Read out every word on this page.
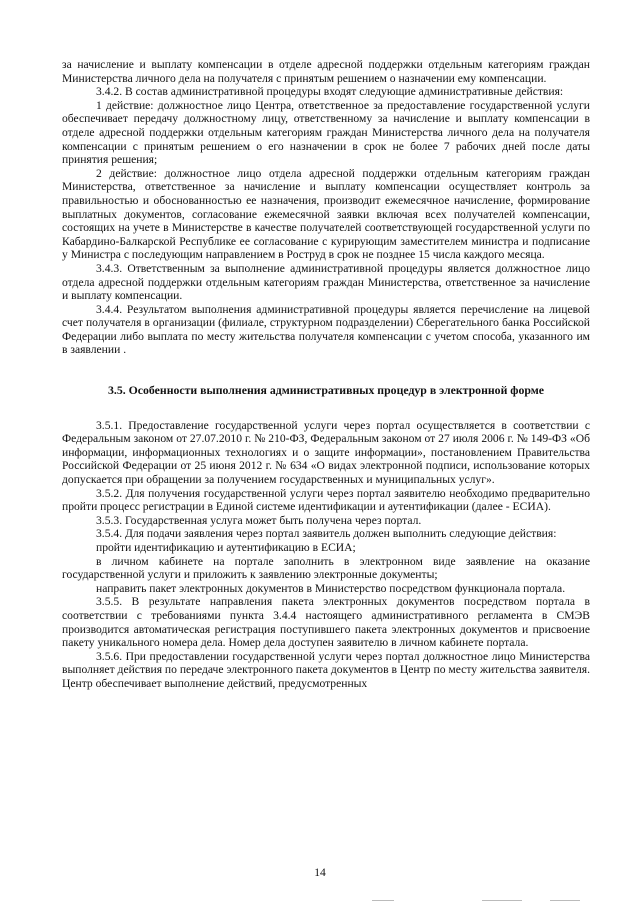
за начисление и выплату компенсации в отделе адресной поддержки отдельным категориям граждан Министерства личного дела на получателя с принятым решением о назначении ему компенсации.

3.4.2. В состав административной процедуры входят следующие административные действия:

1 действие: должностное лицо Центра, ответственное за предоставление государственной услуги обеспечивает передачу должностному лицу, ответственному за начисление и выплату компенсации в отделе адресной поддержки отдельным категориям граждан Министерства личного дела на получателя компенсации с принятым решением о его назначении в срок не более 7 рабочих дней после даты принятия решения;

2 действие: должностное лицо отдела адресной поддержки отдельным категориям граждан Министерства, ответственное за начисление и выплату компенсации осуществляет контроль за правильностью и обоснованностью ее назначения, производит ежемесячное начисление, формирование выплатных документов, согласование ежемесячной заявки включая всех получателей компенсации, состоящих на учете в Министерстве в качестве получателей соответствующей государственной услуги по Кабардино-Балкарской Республике ее согласование с курирующим заместителем министра и подписание у Министра с последующим направлением в Роструд в срок не позднее 15 числа каждого месяца.

3.4.3. Ответственным за выполнение административной процедуры является должностное лицо отдела адресной поддержки отдельным категориям граждан Министерства, ответственное за начисление и выплату компенсации.

3.4.4. Результатом выполнения административной процедуры является перечисление на лицевой счет получателя в организации (филиале, структурном подразделении) Сберегательного банка Российской Федерации либо выплата по месту жительства получателя компенсации с учетом способа, указанного им в заявлении .

3.5. Особенности выполнения административных процедур в электронной форме

3.5.1. Предоставление государственной услуги через портал осуществляется в соответствии с Федеральным законом от 27.07.2010 г. № 210-ФЗ, Федеральным законом от 27 июля 2006 г. № 149-ФЗ «Об информации, информационных технологиях и о защите информации», постановлением Правительства Российской Федерации от 25 июня 2012 г. № 634 «О видах электронной подписи, использование которых допускается при обращении за получением государственных и муниципальных услуг».

3.5.2. Для получения государственной услуги через портал заявителю необходимо предварительно пройти процесс регистрации в Единой системе идентификации и аутентификации (далее - ЕСИА).

3.5.3. Государственная услуга может быть получена через портал.

3.5.4. Для подачи заявления через портал заявитель должен выполнить следующие действия:

пройти идентификацию и аутентификацию в ЕСИА;

в личном кабинете на портале заполнить в электронном виде заявление на оказание государственной услуги и приложить к заявлению электронные документы;

направить пакет электронных документов в Министерство посредством функционала портала.

3.5.5. В результате направления пакета электронных документов посредством портала в соответствии с требованиями пункта 3.4.4 настоящего административного регламента в СМЭВ производится автоматическая регистрация поступившего пакета электронных документов и присвоение пакету уникального номера дела. Номер дела доступен заявителю в личном кабинете портала.

3.5.6. При предоставлении государственной услуги через портал должностное лицо Министерства выполняет действия по передаче электронного пакета документов в Центр по месту жительства заявителя. Центр обеспечивает выполнение действий, предусмотренных

14
